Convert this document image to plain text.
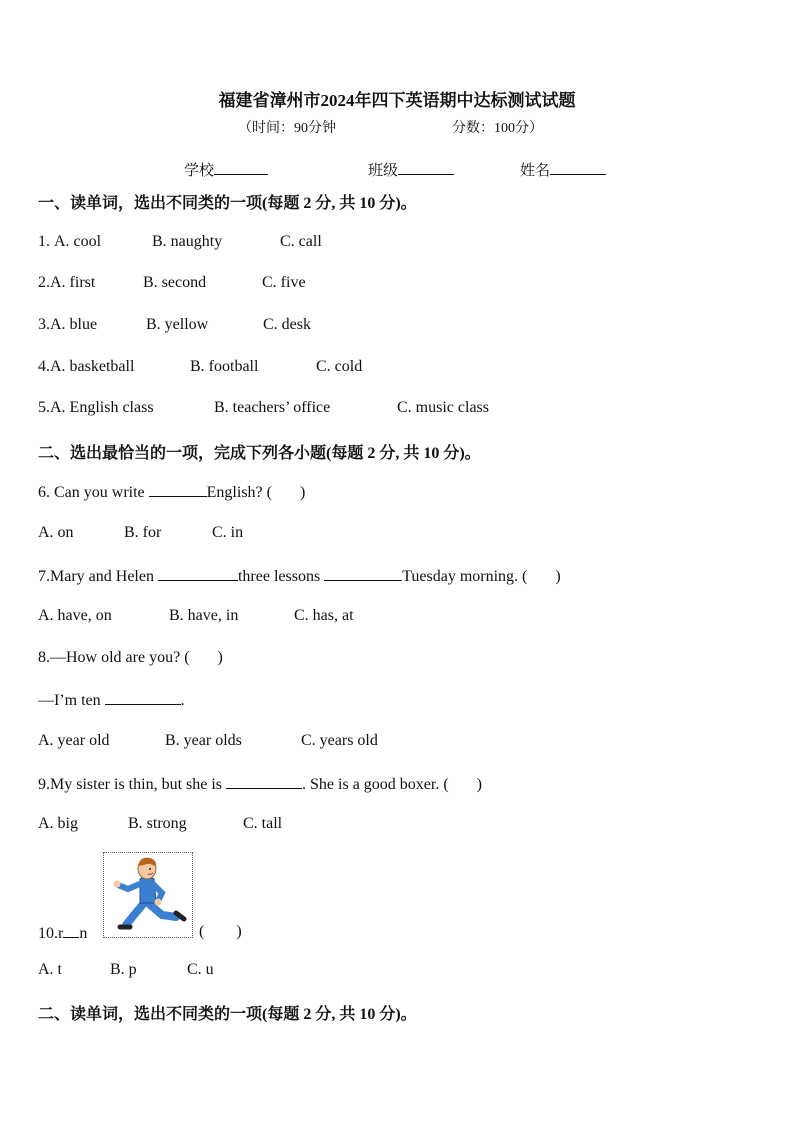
福建省漳州市2024年四下英语期中达标测试试题
（时间：90分钟	分数：100分）
学校	班级	姓名
一、读单词，选出不同类的一项(每题 2 分, 共 10 分)。
1. A. cool	B. naughty	C. call
2.A. first	B. second	C. five
3.A. blue	B. yellow	C. desk
4.A. basketball	B. football	C. cold
5.A. English class	B. teachers’ office	C. music class
二、选出最恰当的一项，完成下列各小题(每题 2 分, 共 10 分)。
6. Can you write	English? ( )
A. on	B. for	C. in
7.Mary and Helen	three lessons	Tuesday morning. ( )
A. have, on	B. have, in	C. has, at
8.—How old are you? ( )
—I’m ten	.
A. year old	B. year olds	C. years old
9.My sister is thin, but she is	. She is a good boxer. ( )
A. big	B. strong	C. tall
10.r n	( )
A. t	B. p	C. u
二、读单词，选出不同类的一项(每题 2 分, 共 10 分)。
